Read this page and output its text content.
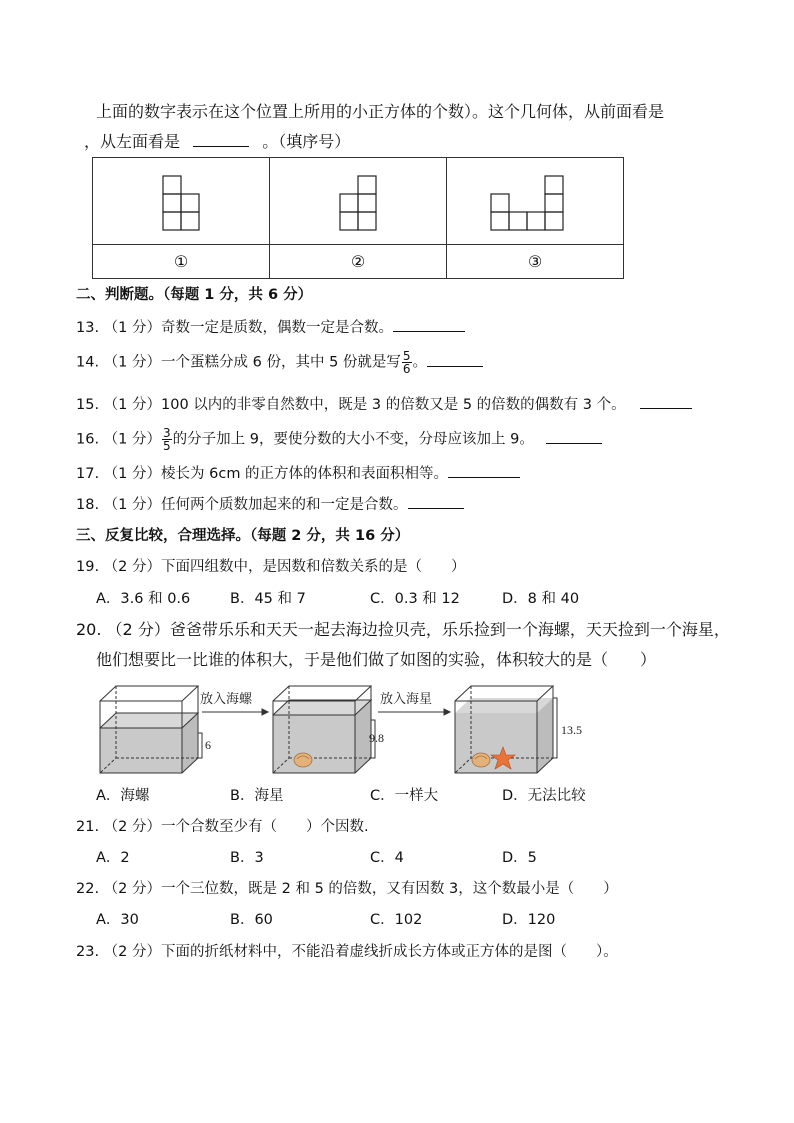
上面的数字表示在这个位置上所用的小正方体的个数）。这个几何体，从前面看是
，从左面看是	。（填序号）

①	②	③
二、判断题。（每题 1 分，共 6 分）
13. （1 分）奇数一定是质数，偶数一定是合数。
14. （1 分）一个蛋糕分成 6 份，其中 5 份就是写 $\frac{5}{6}$ 。
15. （1 分）100 以内的非零自然数中，既是 3 的倍数又是 5 的倍数的偶数有 3 个。
16. （1 分） $\frac{3}{5}$ 的分子加上 9，要使分数的大小不变，分母应该加上 9。
17. （1 分）棱长为 6cm 的正方体的体积和表面积相等。
18. （1 分）任何两个质数加起来的和一定是合数。
三、反复比较，合理选择。（每题 2 分，共 16 分）
19. （2 分）下面四组数中，是因数和倍数关系的是（　　）
A．3.6 和 0.6	B．45 和 7	C．0.3 和 12	D．8 和 40
20. （2 分）爸爸带乐乐和天天一起去海边捡贝壳，乐乐捡到一个海螺，天天捡到一个海星，
他们想要比一比谁的体积大，于是他们做了如图的实验，体积较大的是（　　）
放入海螺	放入海星
6	9.8
13.5
A．海螺	B．海星	C．一样大	D．无法比较
21. （2 分）一个合数至少有（　　）个因数.
A．2	B．3	C．4	D．5
22. （2 分）一个三位数，既是 2 和 5 的倍数，又有因数 3，这个数最小是（　　）
A．30	B．60	C．102	D．120
23. （2 分）下面的折纸材料中，不能沿着虚线折成长方体或正方体的是图（　　）。
